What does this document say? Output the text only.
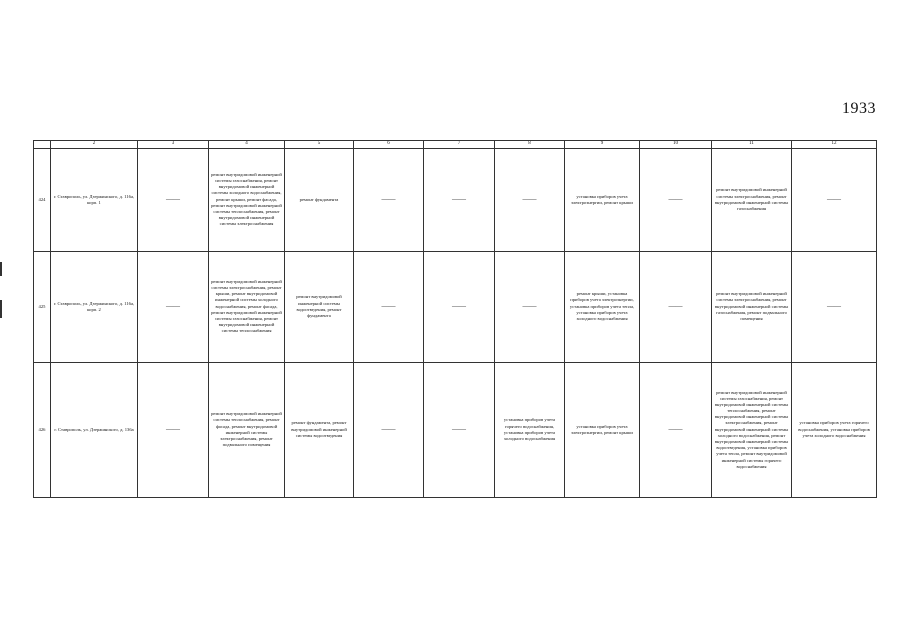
1933
	2	3	4	5	6	7	8	9	10	11	12
424	г. Ставрополь, ул. Дзержинского, д. 116а, корп. 1	——	ремонт внутридомовой инженерной системы газоснабжения, ремонт внутридомовой инженерной системы холодного водоснабжения, ремонт крыши, ремонт фасада, ремонт внутридомовой инженерной системы теплоснабжения, ремонт внутридомовой инженерной системы электроснабжения	ремонт фундамента	——	——	——	установка приборов учета электроэнергии, ремонт крыши	——	ремонт внутридомовой инженерной системы электроснабжения, ремонт внутридомовой инженерной системы газоснабжения	——
425	г. Ставрополь, ул. Дзержинского, д. 116а, корп. 2	——	ремонт внутридомовой инженерной системы электроснабжения, ремонт крыши, ремонт внутридомовой инженерной системы холодного водоснабжения, ремонт фасада, ремонт внутридомовой инженерной системы газоснабжения, ремонт внутридомовой инженерной системы теплоснабжения	ремонт внутридомовой инженерной системы водоотведения, ремонт фундамента	——	——	——	ремонт крыши, установка приборов учета электроэнергии, установка приборов учета тепла, установка приборов учета холодного водоснабжения	——	ремонт внутридомовой инженерной системы электроснабжения, ремонт внутридомовой инженерной системы газоснабжения, ремонт подвального помещения	——
426	г. Ставрополь, ул. Дзержинского, д. 136а	——	ремонт внутридомовой инженерной системы теплоснабжения, ремонт фасада, ремонт внутридомовой инженерной системы электроснабжения, ремонт подвального помещения	ремонт фундамента, ремонт внутридомовой инженерной системы водоотведения	——	——	установка приборов учета горячего водоснабжения, установка приборов учета холодного водоснабжения	установка приборов учета электроэнергии, ремонт крыши	——	ремонт внутридомовой инженерной системы газоснабжения, ремонт внутридомовой инженерной системы теплоснабжения, ремонт внутридомовой инженерной системы электроснабжения, ремонт внутридомовой инженерной системы холодного водоснабжения, ремонт внутридомовой инженерной системы водоотведения, установка приборов учета тепла, ремонт внутридомовой инженерной системы горячего водоснабжения	установка приборов учета горячего водоснабжения, установка приборов учета холодного водоснабжения
